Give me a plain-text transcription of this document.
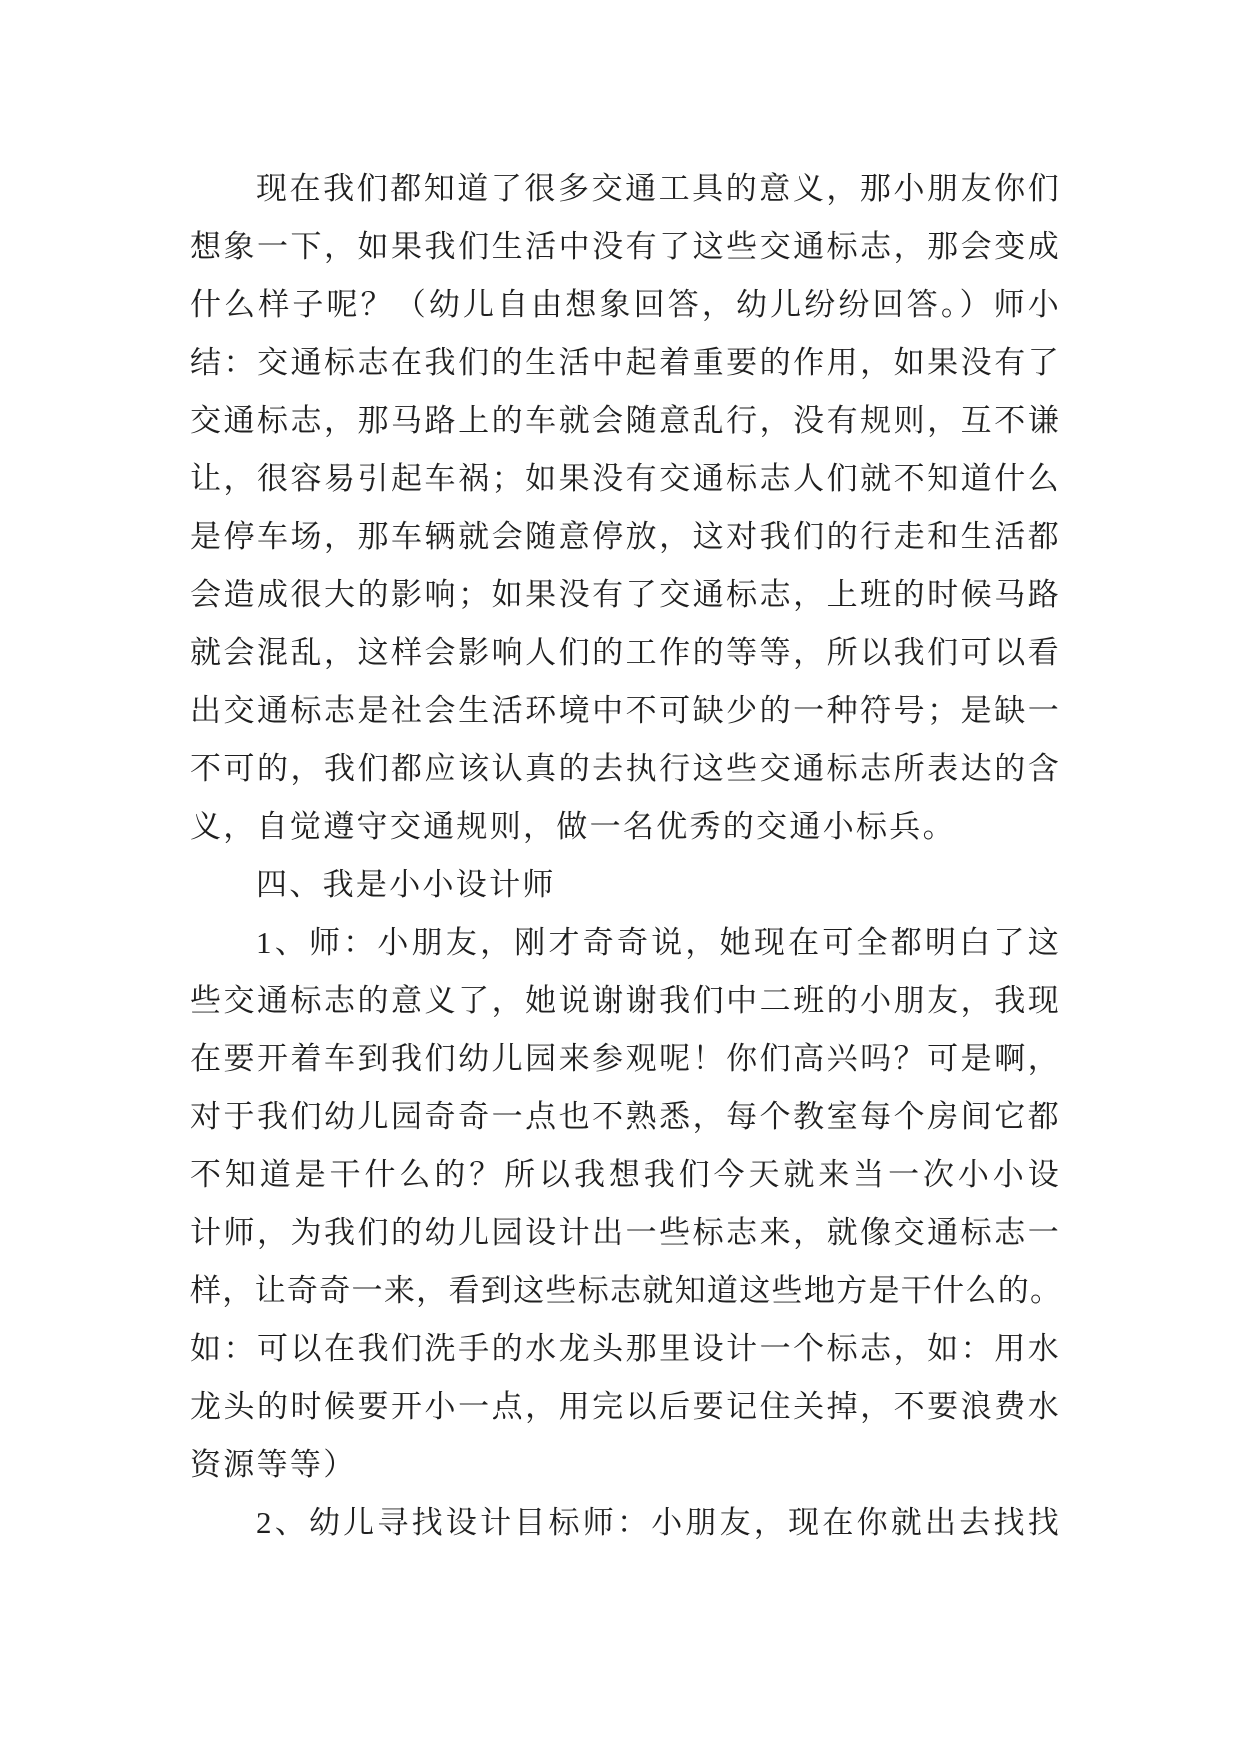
现在我们都知道了很多交通工具的意义，那小朋友你们
想象一下，如果我们生活中没有了这些交通标志，那会变成
什么样子呢？（幼儿自由想象回答，幼儿纷纷回答。）师小
结：交通标志在我们的生活中起着重要的作用，如果没有了
交通标志，那马路上的车就会随意乱行，没有规则，互不谦
让，很容易引起车祸；如果没有交通标志人们就不知道什么
是停车场，那车辆就会随意停放，这对我们的行走和生活都
会造成很大的影响；如果没有了交通标志，上班的时候马路
就会混乱，这样会影响人们的工作的等等，所以我们可以看
出交通标志是社会生活环境中不可缺少的一种符号；是缺一
不可的，我们都应该认真的去执行这些交通标志所表达的含
义，自觉遵守交通规则，做一名优秀的交通小标兵。
四、我是小小设计师
1、师：小朋友，刚才奇奇说，她现在可全都明白了这
些交通标志的意义了，她说谢谢我们中二班的小朋友，我现
在要开着车到我们幼儿园来参观呢！你们高兴吗？可是啊，
对于我们幼儿园奇奇一点也不熟悉，每个教室每个房间它都
不知道是干什么的？所以我想我们今天就来当一次小小设
计师，为我们的幼儿园设计出一些标志来，就像交通标志一
样，让奇奇一来，看到这些标志就知道这些地方是干什么的。
如：可以在我们洗手的水龙头那里设计一个标志，如：用水
龙头的时候要开小一点，用完以后要记住关掉，不要浪费水
资源等等）
2、幼儿寻找设计目标师：小朋友，现在你就出去找找
